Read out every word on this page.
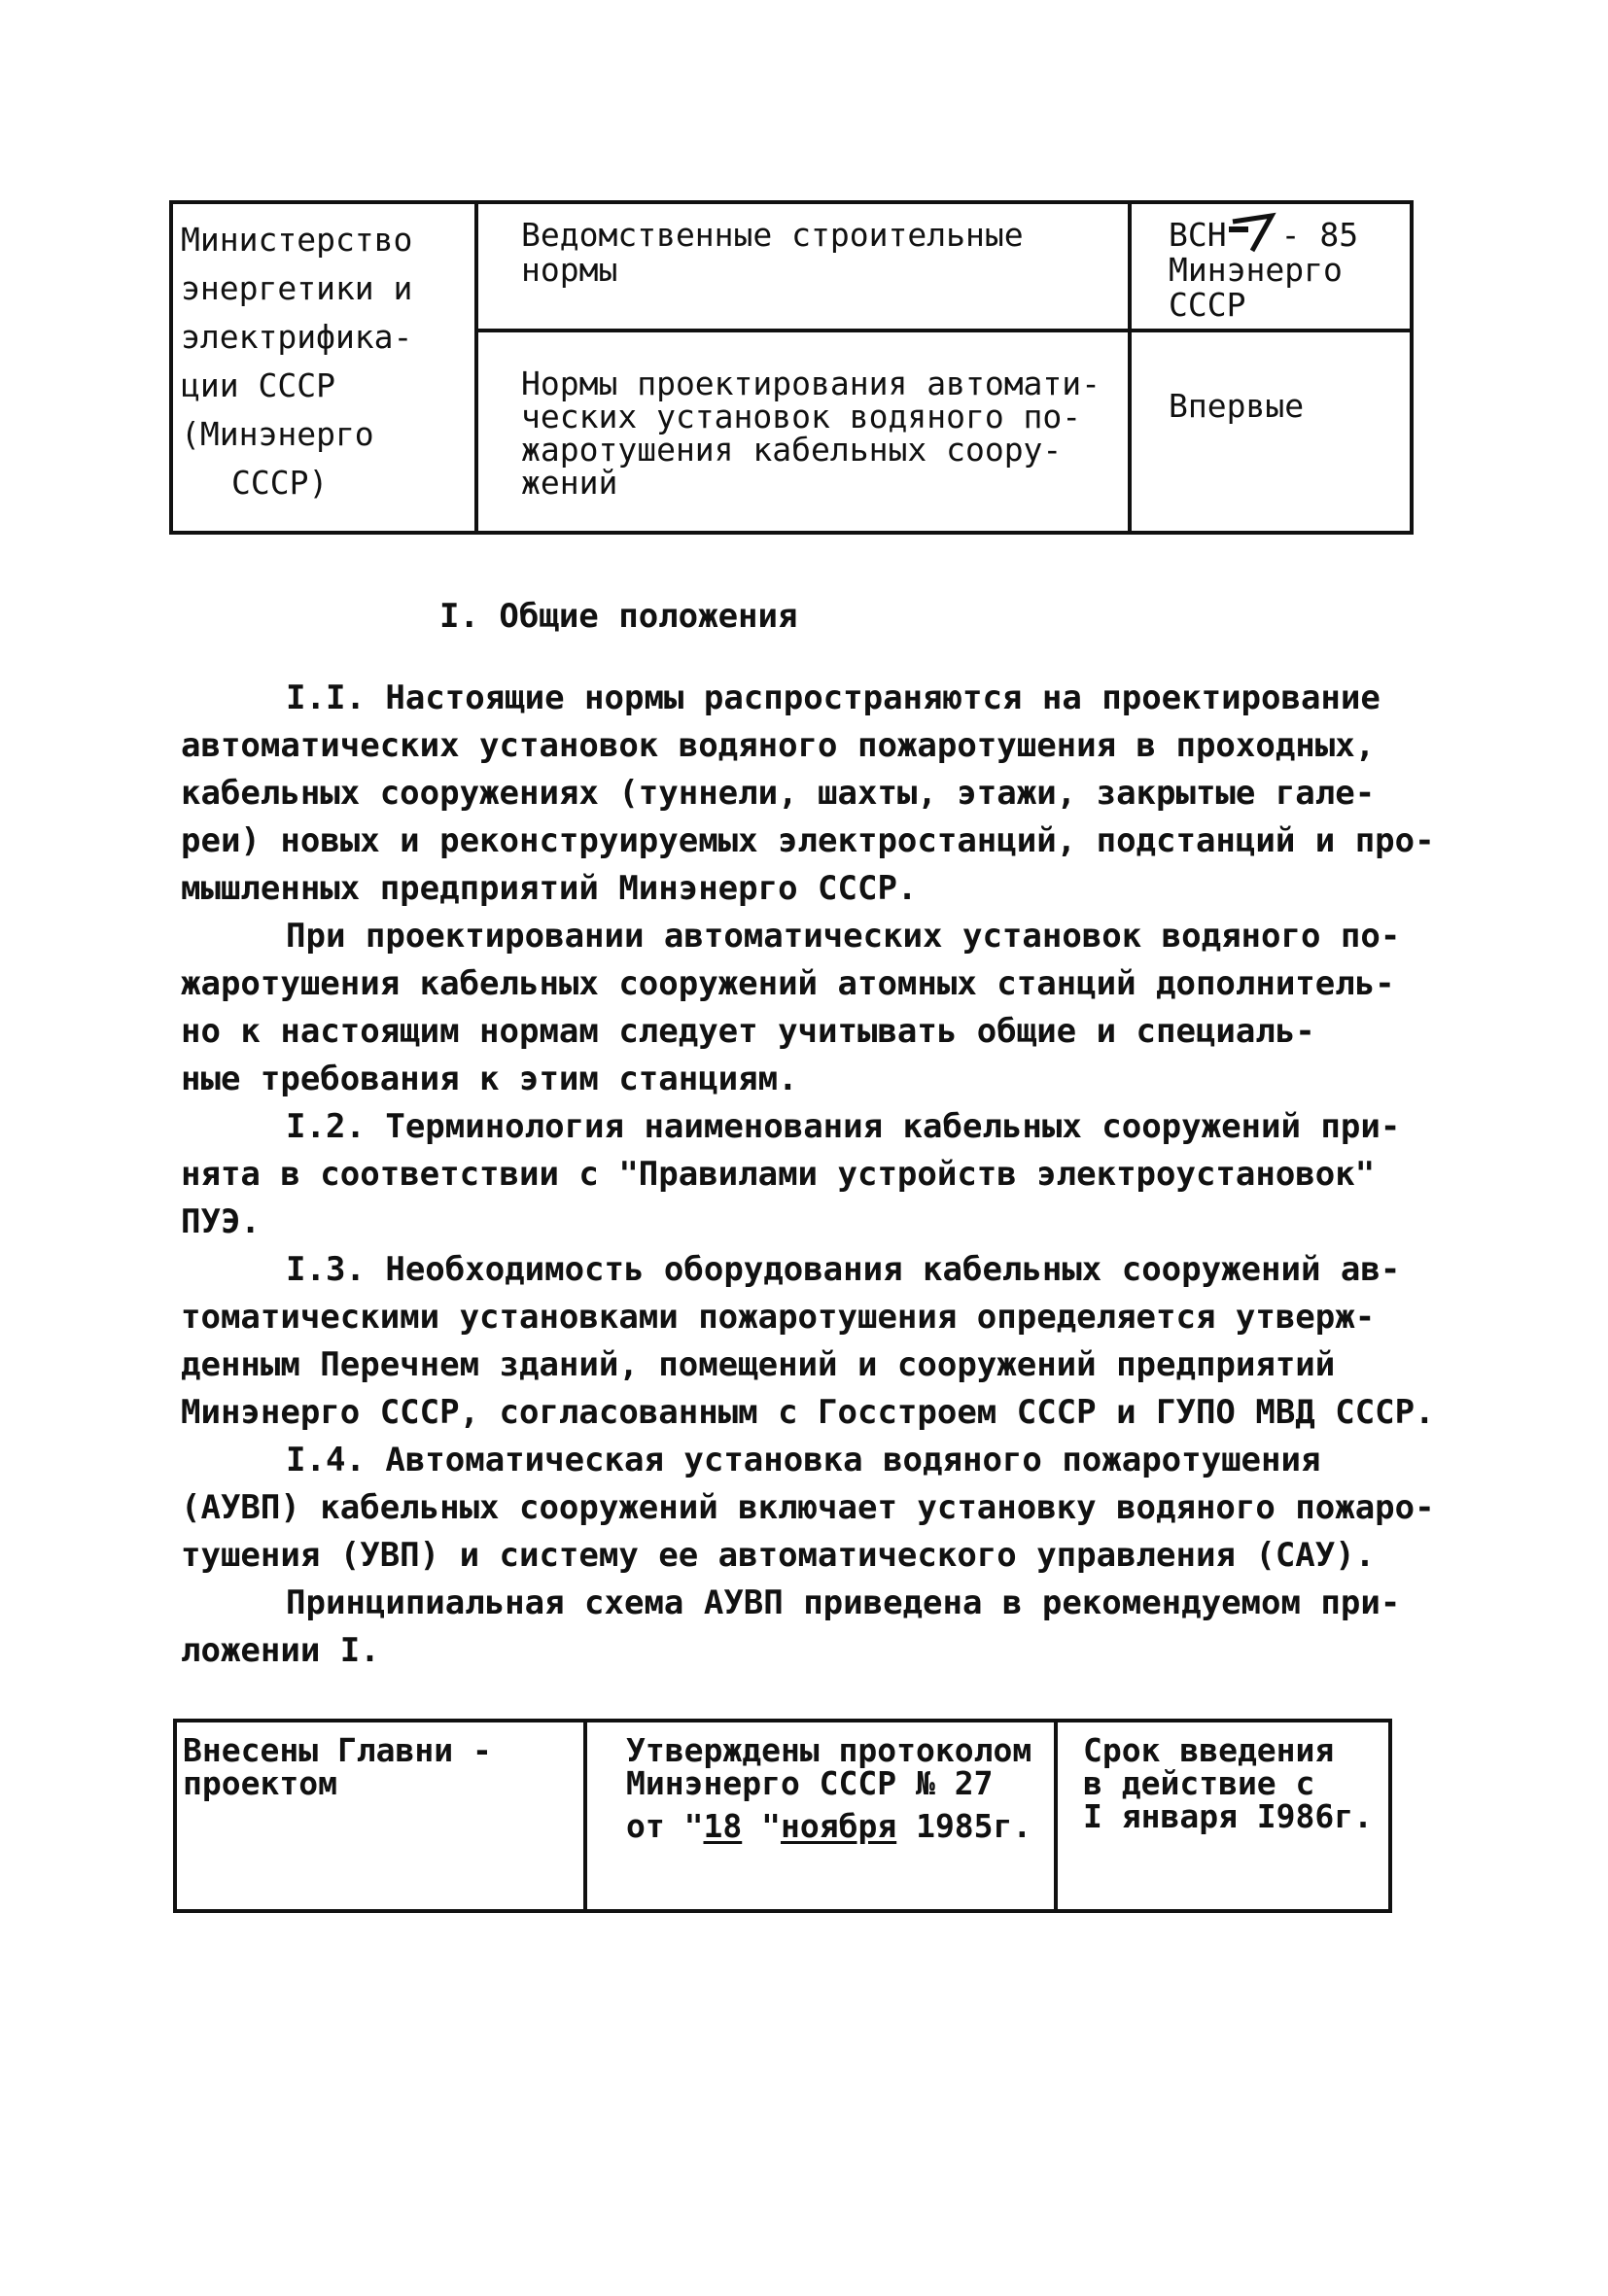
Министерство
энергетики и
электрифика-
ции СССР
(Минэнерго
СССР)
Ведомственные строительные
нормы
Нормы проектирования автомати-
ческих установок водяного по-
жаротушения кабельных соору-
жений
ВСН - 85
Минэнерго
СССР
Впервые
I. Общие положения
I.I. Настоящие нормы распространяются на проектирование
автоматических установок водяного пожаротушения в проходных,
кабельных сооружениях (туннели, шахты, этажи, закрытые гале-
реи) новых и реконструируемых электростанций, подстанций и про-
мышленных предприятий Минэнерго СССР.
При проектировании автоматических установок водяного по-
жаротушения кабельных сооружений атомных станций дополнитель-
но к настоящим нормам следует учитывать общие и специаль-
ные требования к этим станциям.
I.2. Терминология наименования кабельных сооружений при-
нята в соответствии с "Правилами устройств электроустановок"
ПУЭ.
I.3. Необходимость оборудования кабельных сооружений ав-
томатическими установками пожаротушения определяется утверж-
денным Перечнем зданий, помещений и сооружений предприятий
Минэнерго СССР, согласованным с Госстроем СССР и ГУПО МВД СССР.
I.4. Автоматическая установка водяного пожаротушения
(АУВП) кабельных сооружений включает установку водяного пожаро-
тушения (УВП) и систему ее автоматического управления (САУ).
Принципиальная схема АУВП приведена в рекомендуемом при-
ложении I.
Внесены Главни -
проектом
Утверждены протоколом
Минэнерго СССР № 27
от "18 "ноября 1985г.
Срок введения
в действие с
I января I986г.
